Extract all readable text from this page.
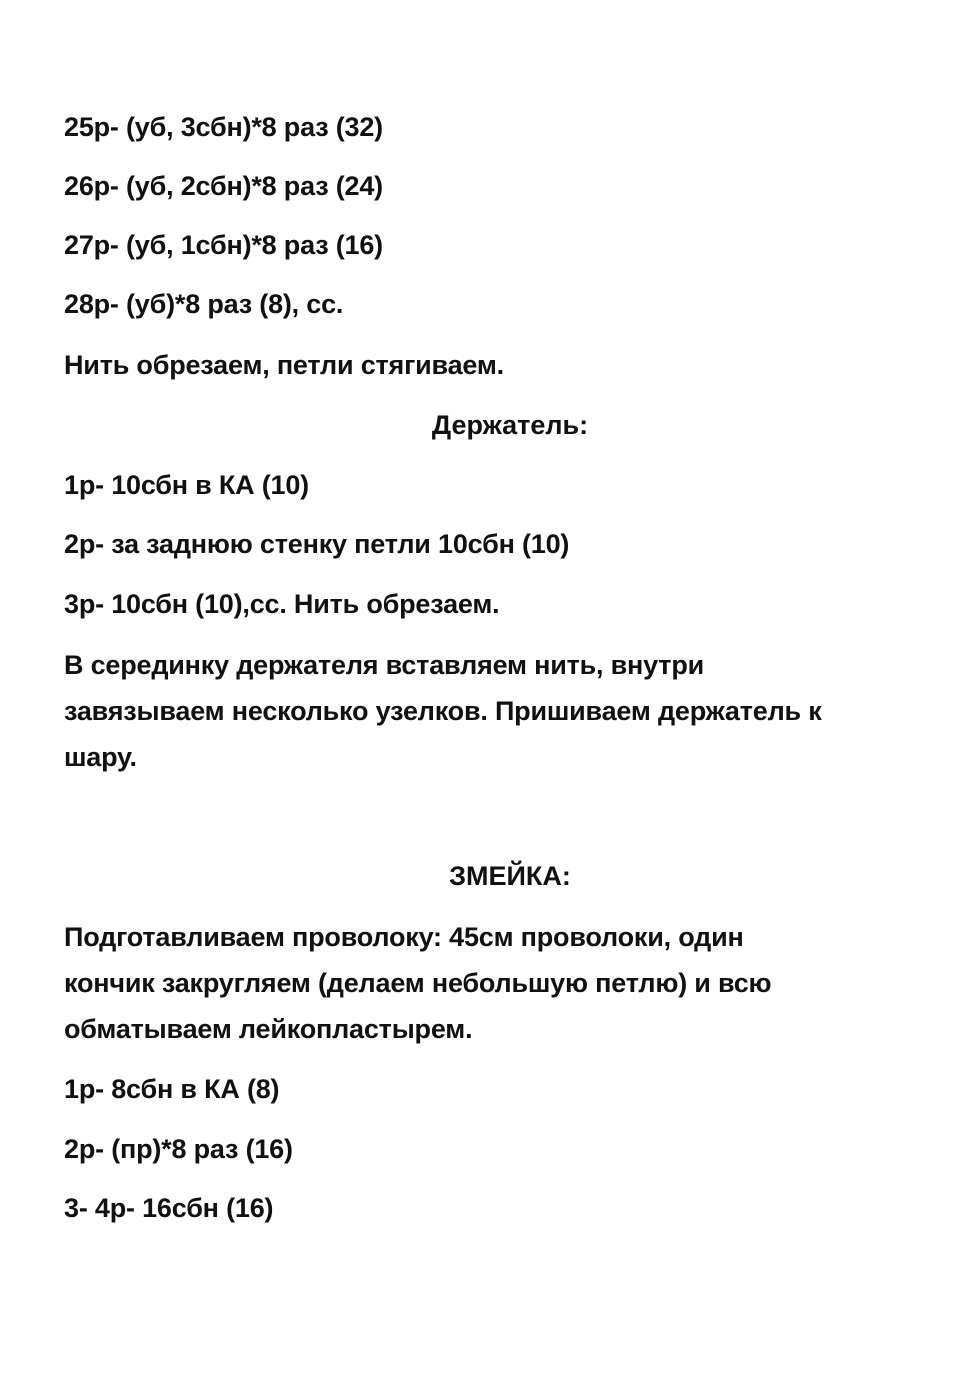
25р- (уб, 3сбн)*8 раз (32)

26р- (уб, 2сбн)*8 раз (24)

27р- (уб, 1сбн)*8 раз (16)

28р- (уб)*8 раз (8), сс.

Нить обрезаем, петли стягиваем.

Держатель:

1р- 10сбн в КА (10)

2р- за заднюю стенку петли 10сбн (10)

3р- 10сбн (10),сс. Нить обрезаем.

В серединку держателя вставляем нить, внутри
завязываем несколько узелков. Пришиваем держатель к
шару.

ЗМЕЙКА:

Подготавливаем проволоку: 45см проволоки, один
кончик закругляем (делаем небольшую петлю) и всю
обматываем лейкопластырем.

1р- 8сбн в КА (8)

2р- (пр)*8 раз (16)

3- 4р- 16сбн (16)
